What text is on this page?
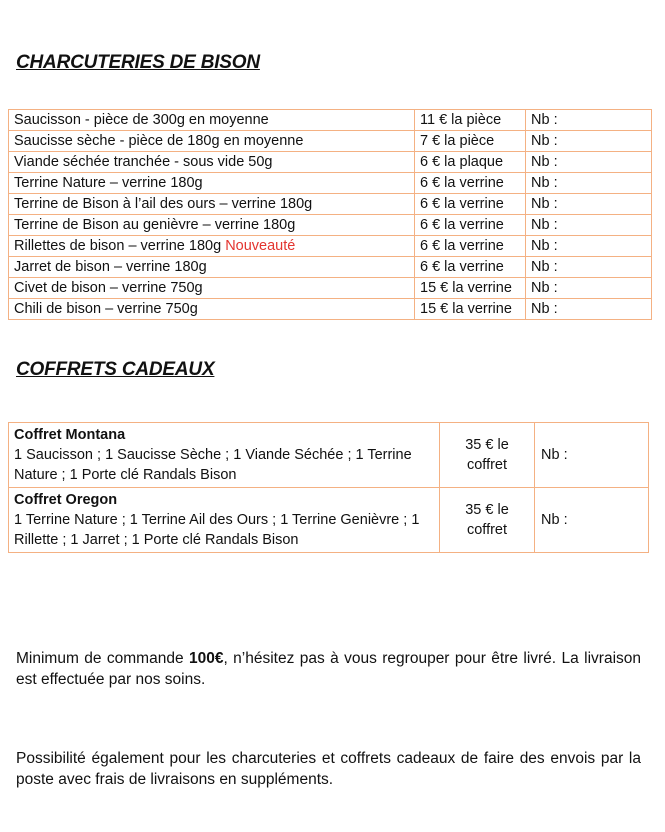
CHARCUTERIES DE BISON
Saucisson - pièce de 300g en moyenne	11 € la pièce	Nb :
Saucisse sèche - pièce de 180g en moyenne	7 € la pièce	Nb :
Viande séchée tranchée - sous vide 50g	6 € la plaque	Nb :
Terrine Nature – verrine 180g	6 € la verrine	Nb :
Terrine de Bison à l’ail des ours – verrine 180g	6 € la verrine	Nb :
Terrine de Bison au genièvre – verrine 180g	6 € la verrine	Nb :
Rillettes de bison – verrine 180g Nouveauté	6 € la verrine	Nb :
Jarret de bison – verrine 180g	6 € la verrine	Nb :
Civet de bison – verrine 750g	15 € la verrine	Nb :
Chili de bison – verrine 750g	15 € la verrine	Nb :
COFFRETS CADEAUX
Coffret Montana
1 Saucisson ; 1 Saucisse Sèche ; 1 Viande Séchée ; 1 Terrine Nature ; 1 Porte clé Randals Bison	35 € le coffret	Nb :

Coffret Oregon
1 Terrine Nature ; 1 Terrine Ail des Ours ; 1 Terrine Genièvre ; 1 Rillette ; 1 Jarret ; 1 Porte clé Randals Bison	35 € le coffret	Nb :

Minimum de commande 100€, n’hésitez pas à vous regrouper pour être livré. La livraison est effectuée par nos soins.

Possibilité également pour les charcuteries et coffrets cadeaux de faire des envois par la poste avec frais de livraisons en suppléments.
